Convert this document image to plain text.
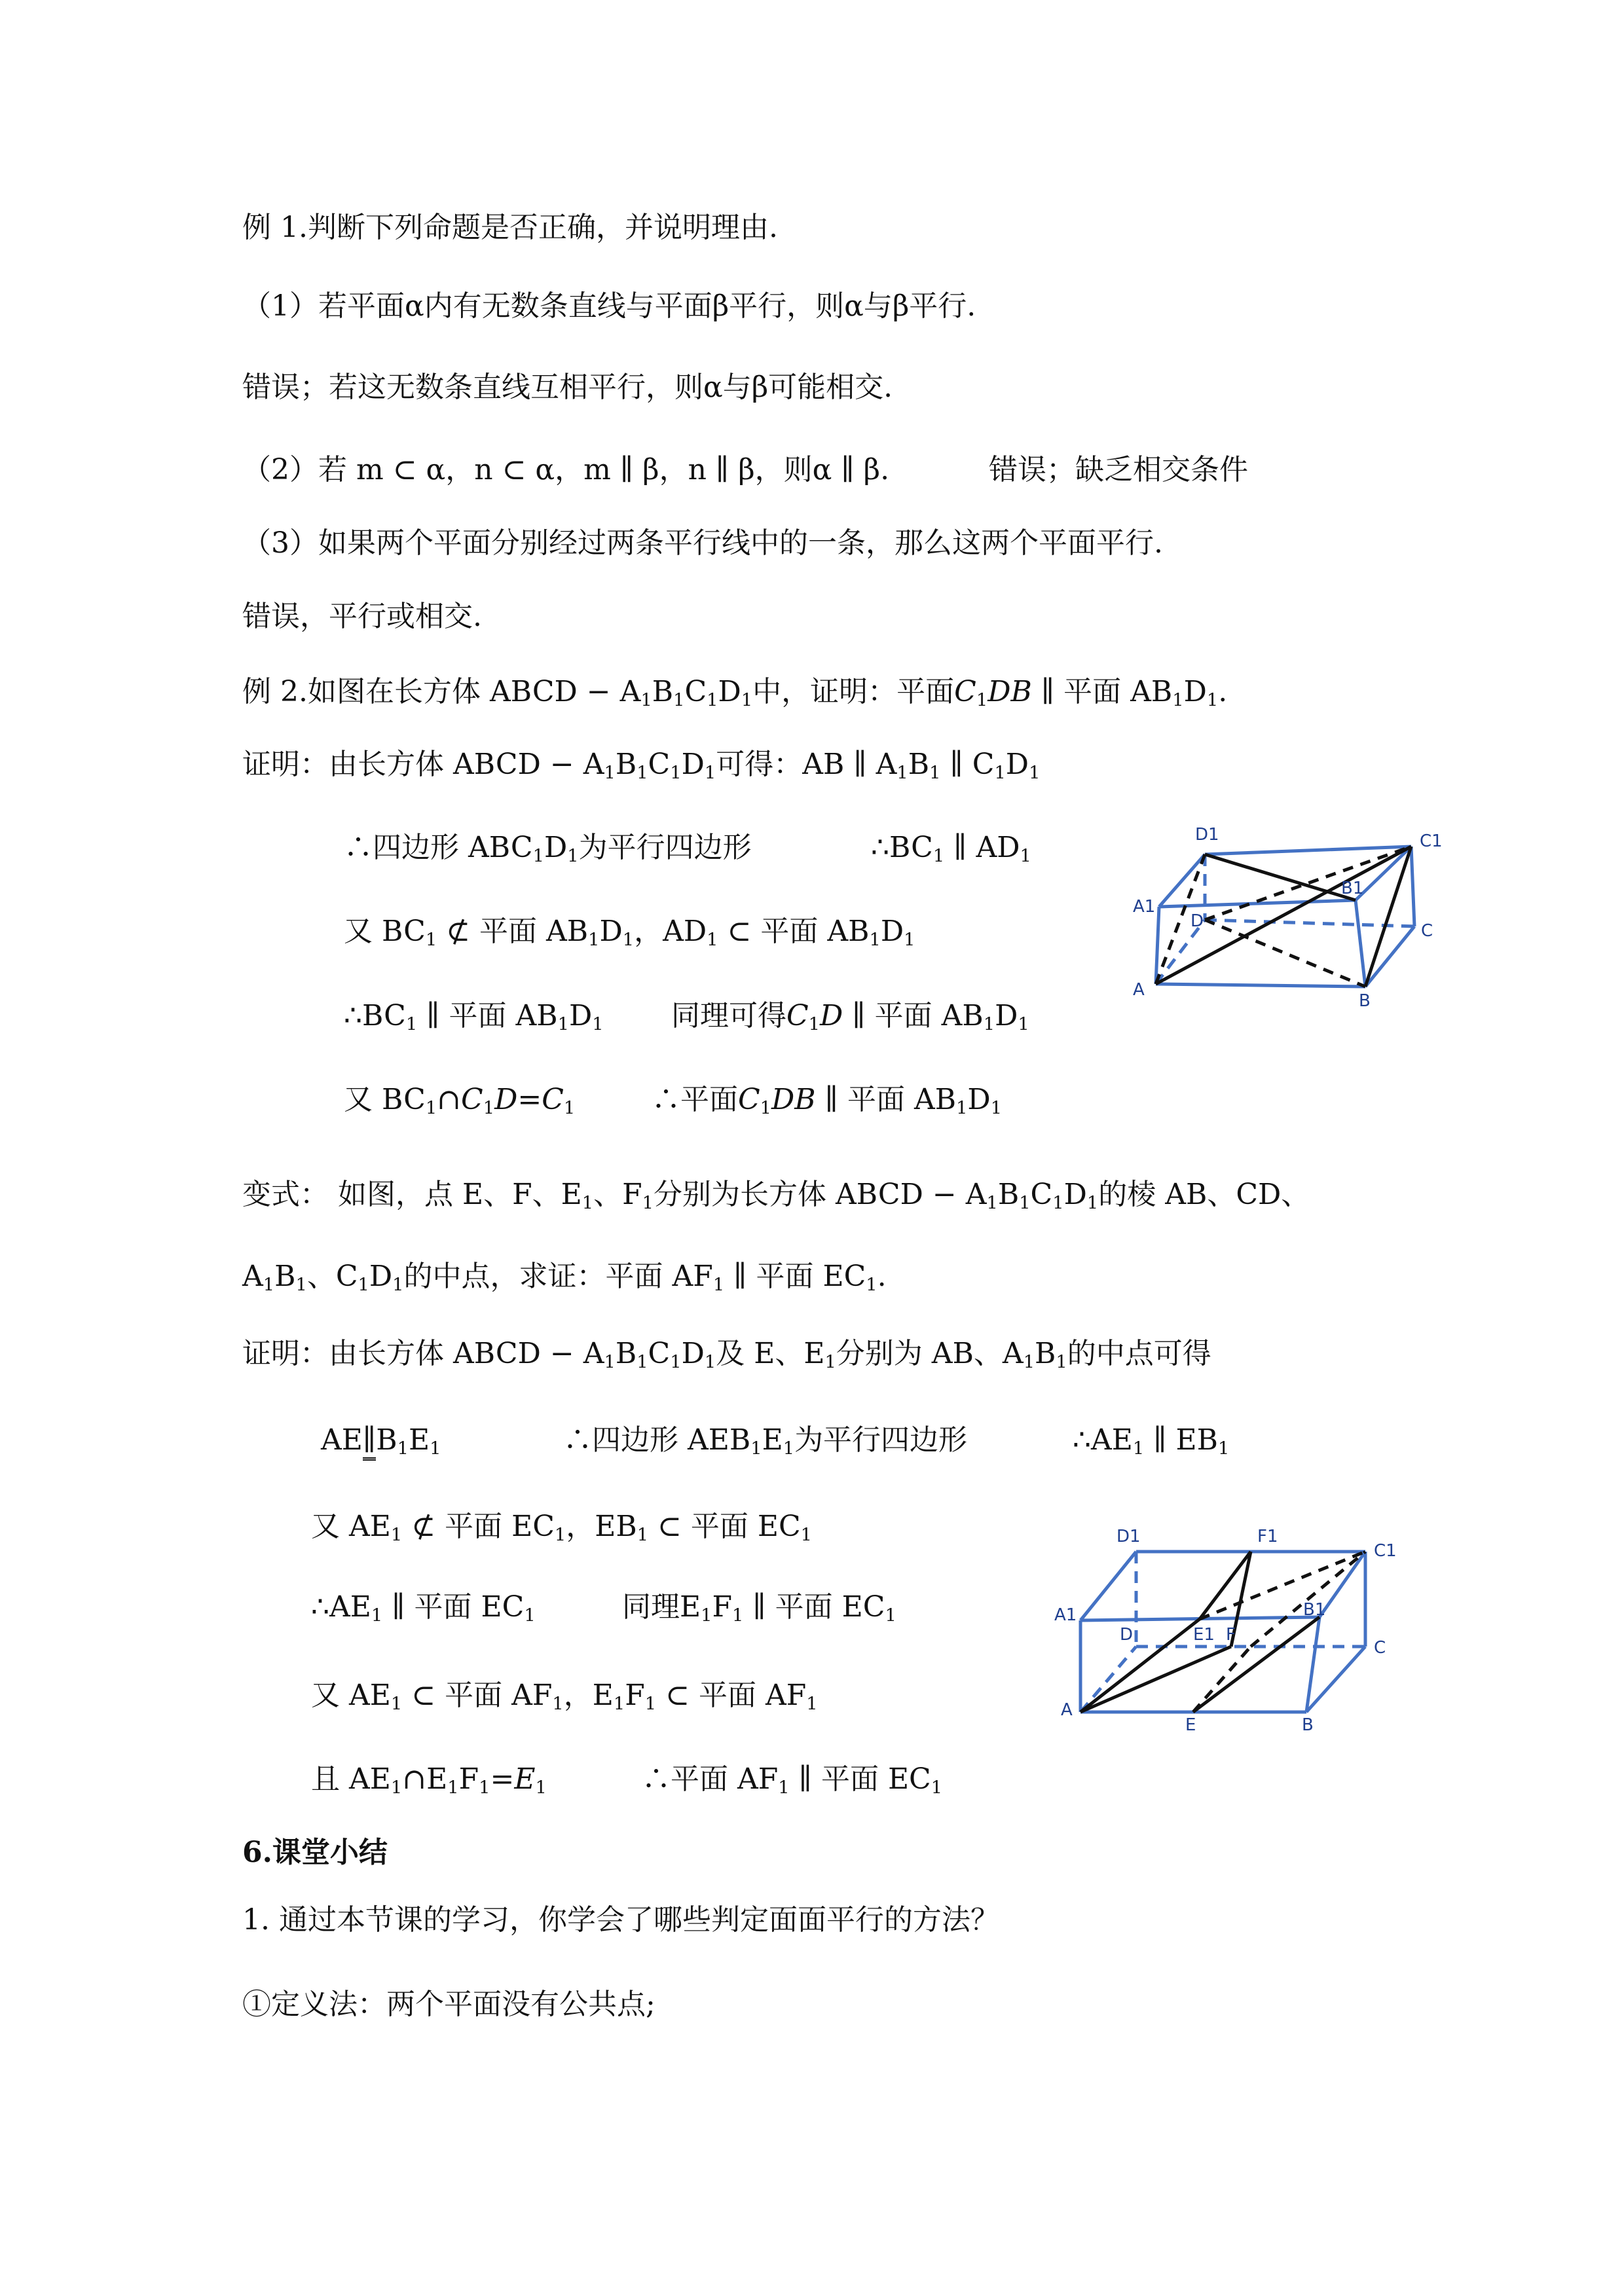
例 1.判断下列命题是否正确，并说明理由.
（1）若平面α内有无数条直线与平面β平行，则α与β平行.
错误；若这无数条直线互相平行，则α与β可能相交.
（2）若 m ⊂ α，n ⊂ α，m ∥ β，n ∥ β，则α ∥ β.	错误；缺乏相交条件
（3）如果两个平面分别经过两条平行线中的一条，那么这两个平面平行.
错误，平行或相交.
例 2.如图在长方体 ABCD − $A_1B_1C_1D_1$中，证明：平面$C_1DB$ ∥ 平面 $AB_1D_1$.
证明：由长方体 ABCD − $A_1B_1C_1D_1$可得：AB ∥ $A_1B_1$ ∥ $C_1D_1$
∴四边形 $ABC_1D_1$为平行四边形	$\therefore BC_1$ ∥ $AD_1$
又 $BC_1$ ⊄ 平面 $AB_1D_1$，$AD_1$ ⊂ 平面 $AB_1D_1$
$\therefore BC_1$ ∥ 平面 $AB_1D_1$ 同理可得$C_1D$ ∥ 平面 $AB_1D_1$
又 $BC_1\cap C_1D=C_1$	∴平面$C_1DB$ ∥ 平面 $AB_1D_1$
D1	C1
B1
A1
D	C
A
B
变式： 如图，点 E、F、$E_1$、$F_1$分别为长方体 ABCD − $A_1B_1C_1D_1$的棱 AB、CD、
$A_1B_1$、$C_1D_1$的中点，求证：平面 $AF_1$ ∥ 平面 $EC_1$.
证明：由长方体 ABCD − $A_1B_1C_1D_1$及 E、$E_1$分别为 AB、$A_1B_1$的中点可得
$AE\parallel B_1E_1$	∴四边形 $AEB_1E_1$为平行四边形	$\therefore AE_1$ ∥ $EB_1$
又 $AE_1$ ⊄ 平面 $EC_1$，$EB_1$ ⊂ 平面 $EC_1$
$\therefore AE_1$ ∥ 平面 $EC_1$	同理$E_1F_1$ ∥ 平面 $EC_1$
又 $AE_1$ ⊂ 平面 $AF_1$，$E_1F_1$ ⊂ 平面 $AF_1$
且 $AE_1\cap E_1F_1=E_1$	∴平面 $AF_1$ ∥ 平面 $EC_1$
D1	F1
C1
A1	B1
D	E1 F
C
A
E	B
6.课堂小结
1. 通过本节课的学习，你学会了哪些判定面面平行的方法？
①定义法：两个平面没有公共点;
